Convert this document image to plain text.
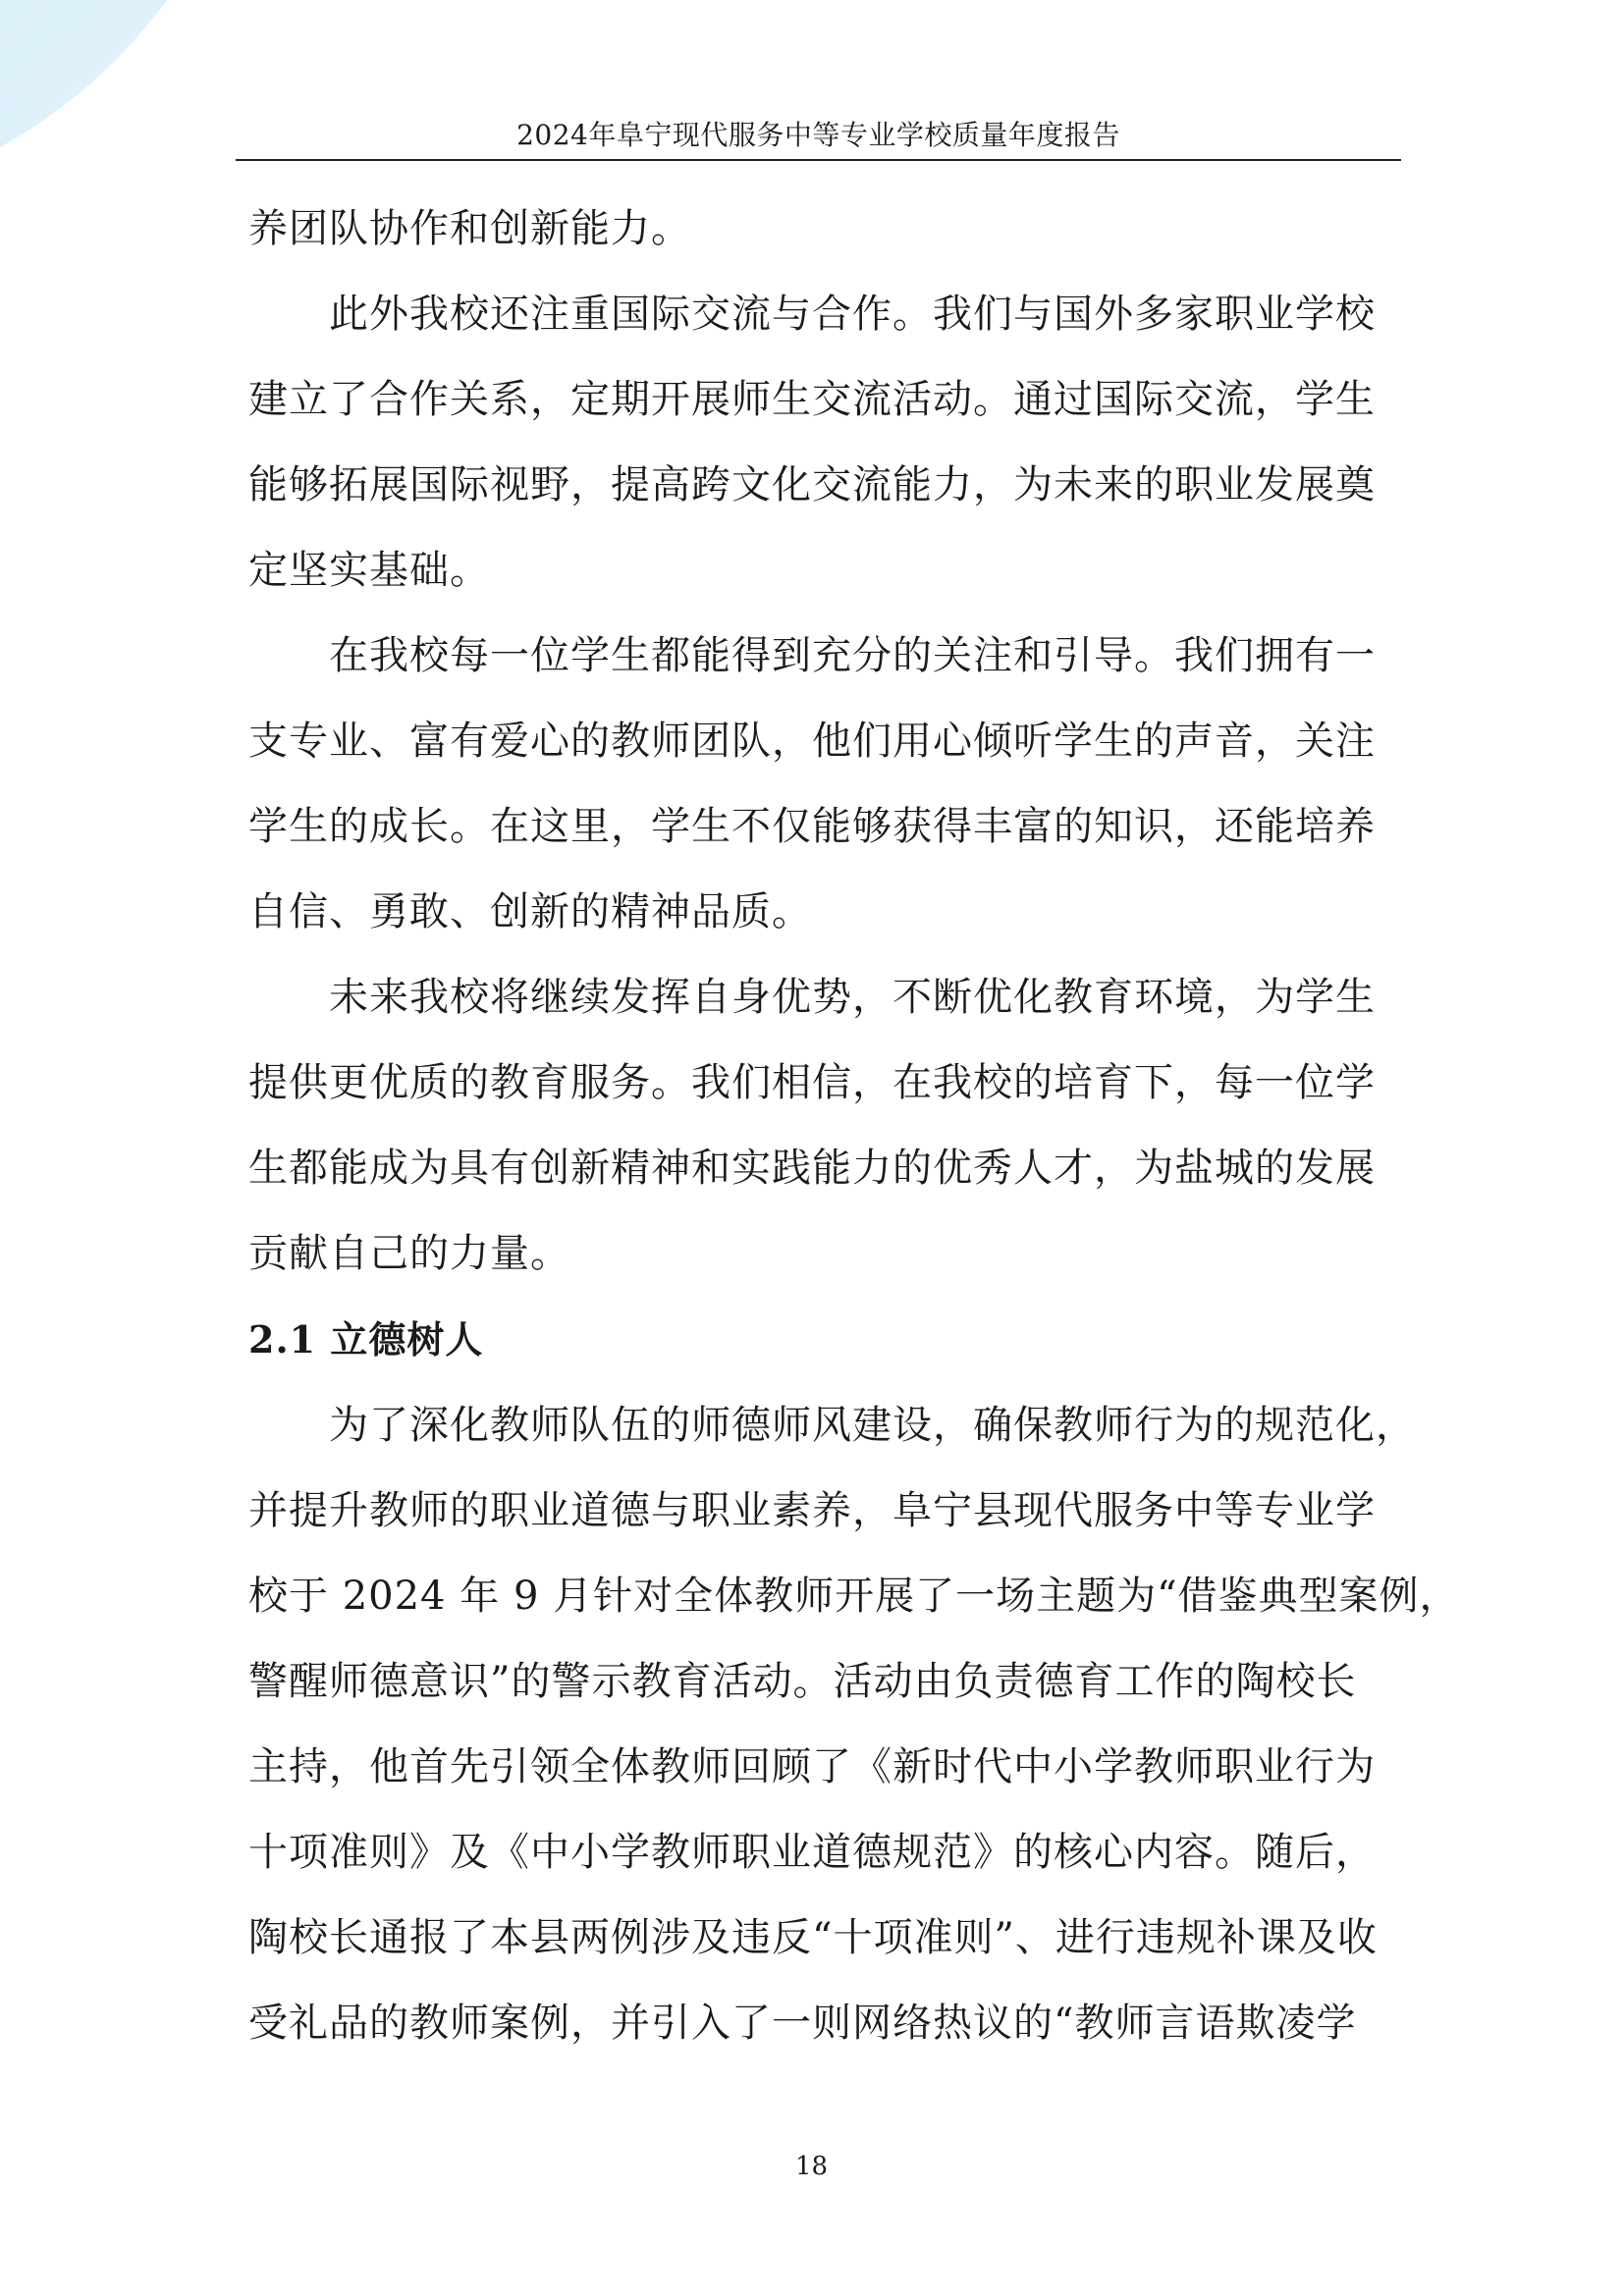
2024年阜宁现代服务中等专业学校质量年度报告
养团队协作和创新能力。
此外我校还注重国际交流与合作。我们与国外多家职业学校
建立了合作关系，定期开展师生交流活动。通过国际交流，学生
能够拓展国际视野，提高跨文化交流能力，为未来的职业发展奠
定坚实基础。
在我校每一位学生都能得到充分的关注和引导。我们拥有一
支专业、富有爱心的教师团队，他们用心倾听学生的声音，关注
学生的成长。在这里，学生不仅能够获得丰富的知识，还能培养
自信、勇敢、创新的精神品质。
未来我校将继续发挥自身优势，不断优化教育环境，为学生
提供更优质的教育服务。我们相信，在我校的培育下，每一位学
生都能成为具有创新精神和实践能力的优秀人才，为盐城的发展
贡献自己的力量。
2.1 立德树人
为了深化教师队伍的师德师风建设，确保教师行为的规范化，
并提升教师的职业道德与职业素养，阜宁县现代服务中等专业学
校于 2024 年 9 月针对全体教师开展了一场主题为“借鉴典型案例，
警醒师德意识”的警示教育活动。活动由负责德育工作的陶校长
主持，他首先引领全体教师回顾了《新时代中小学教师职业行为
十项准则》及《中小学教师职业道德规范》的核心内容。随后，
陶校长通报了本县两例涉及违反“十项准则”、进行违规补课及收
受礼品的教师案例，并引入了一则网络热议的“教师言语欺凌学
18
